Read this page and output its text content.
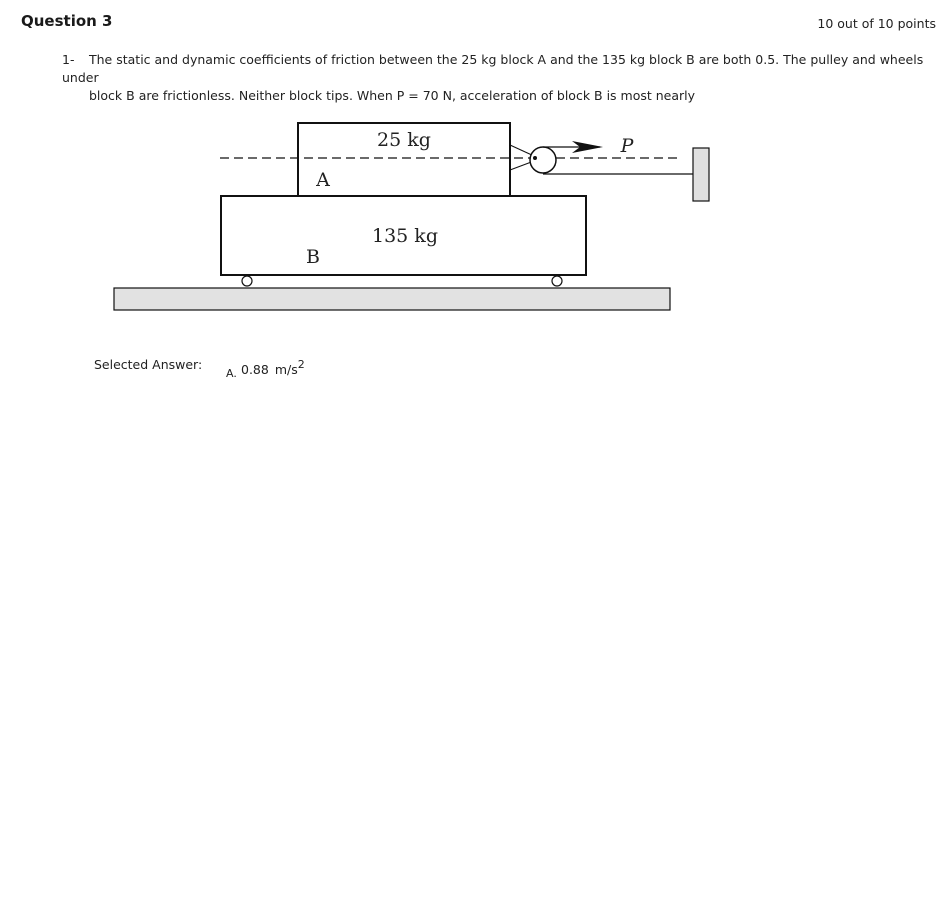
Question 3	10 out of 10 points
1- The static and dynamic coefficients of friction between the 25 kg block A and the 135 kg block B are both 0.5. The pulley and wheels under
block B are frictionless. Neither block tips. When P = 70 N, acceleration of block B is most nearly
25 kg
A
135 kg
B
P
Selected Answer:
A. 0.88 m/s2
